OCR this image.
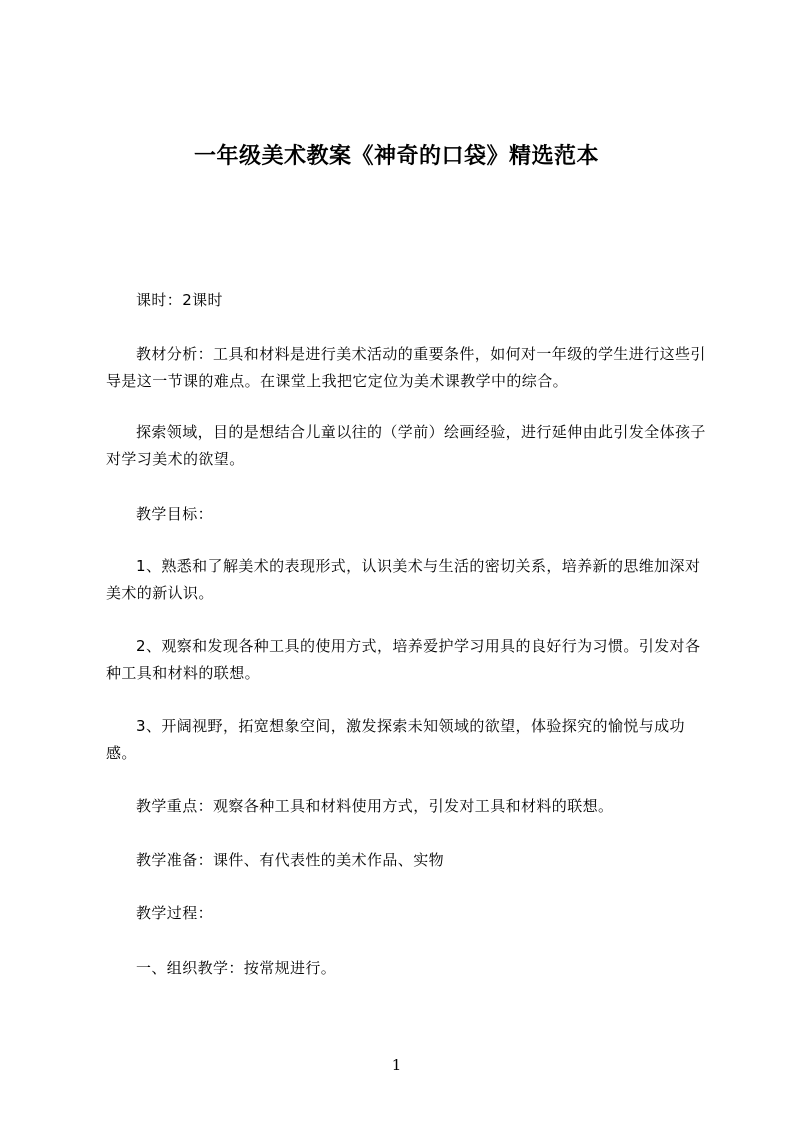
一年级美术教案《神奇的口袋》精选范本
课时：2课时
教材分析：工具和材料是进行美术活动的重要条件，如何对一年级的学生进行这些引导是这一节课的难点。在课堂上我把它定位为美术课教学中的综合。
探索领域，目的是想结合儿童以往的（学前）绘画经验，进行延伸由此引发全体孩子对学习美术的欲望。
教学目标：
1、熟悉和了解美术的表现形式，认识美术与生活的密切关系，培养新的思维加深对美术的新认识。
2、观察和发现各种工具的使用方式，培养爱护学习用具的良好行为习惯。引发对各种工具和材料的联想。
3、开阔视野，拓宽想象空间，激发探索未知领域的欲望，体验探究的愉悦与成功感。
教学重点：观察各种工具和材料使用方式，引发对工具和材料的联想。
教学准备：课件、有代表性的美术作品、实物
教学过程：
一、组织教学：按常规进行。
1
